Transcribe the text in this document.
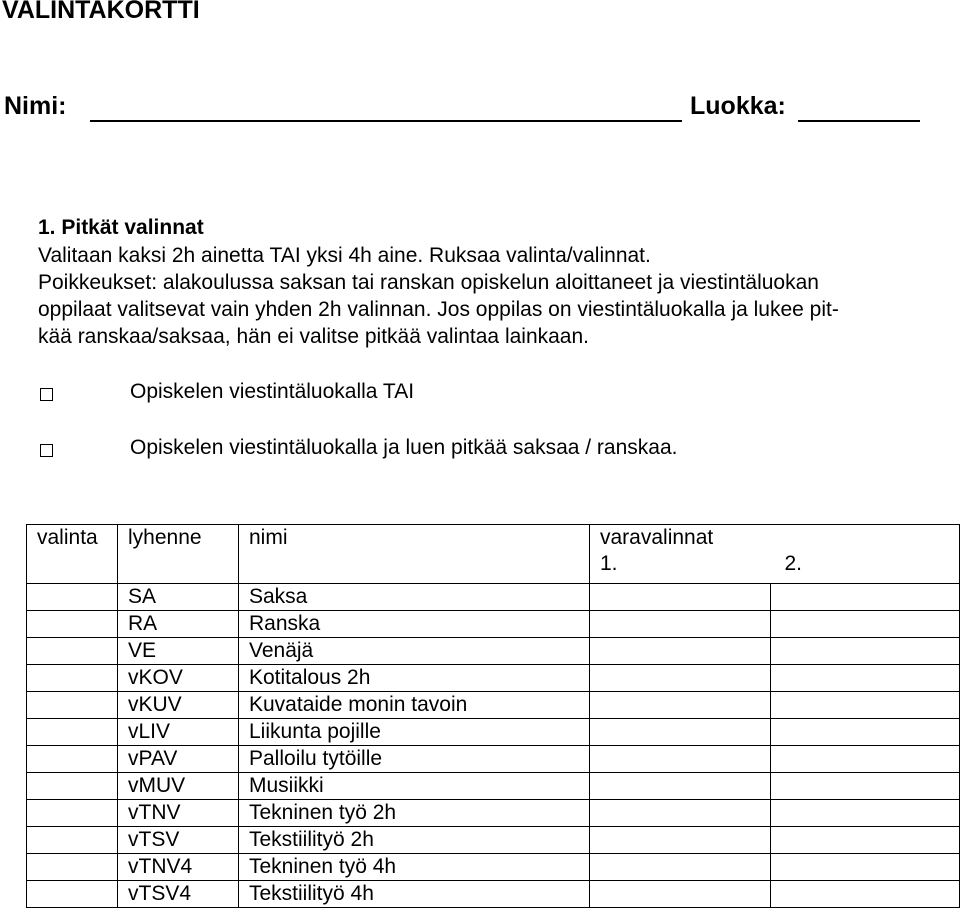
VALINTAKORTTI
Nimi:	Luokka:
1. Pitkät valinnat
Valitaan kaksi 2h ainetta TAI yksi 4h aine. Ruksaa valinta/valinnat.
Poikkeukset: alakoulussa saksan tai ranskan opiskelun aloittaneet ja viestintäluokan
oppilaat valitsevat vain yhden 2h valinnan. Jos oppilas on viestintäluokalla ja lukee pit-
kää ranskaa/saksaa, hän ei valitse pitkää valintaa lainkaan.
Opiskelen viestintäluokalla TAI
Opiskelen viestintäluokalla ja luen pitkää saksaa / ranskaa.
valinta	lyhenne	nimi	varavalinnat
1.	2.

	SA	Saksa		
	RA	Ranska		
	VE	Venäjä		
	vKOV	Kotitalous 2h		
	vKUV	Kuvataide monin tavoin		
	vLIV	Liikunta pojille		
	vPAV	Palloilu tytöille		
	vMUV	Musiikki		
	vTNV	Tekninen työ 2h		
	vTSV	Tekstiilityö 2h		
	vTNV4	Tekninen työ 4h		
	vTSV4	Tekstiilityö 4h		
